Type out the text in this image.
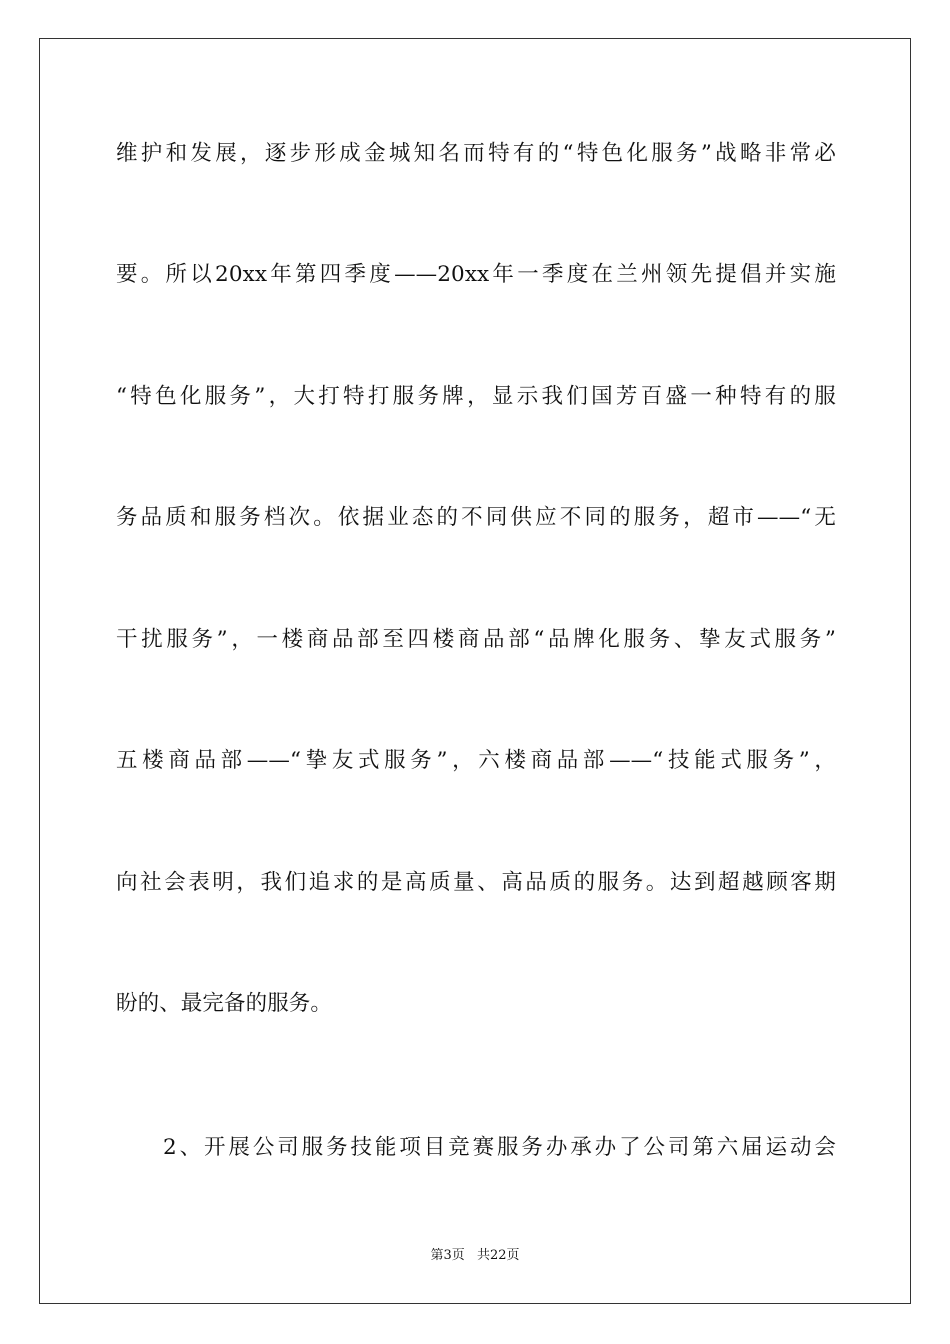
维护和发展，逐步形成金城知名而特有的“特色化服务”战略非常必
要。所以20xx年第四季度——20xx年一季度在兰州领先提倡并实施
“特色化服务”，大打特打服务牌，显示我们国芳百盛一种特有的服
务品质和服务档次。依据业态的不同供应不同的服务，超市——“无
干扰服务”，一楼商品部至四楼商品部“品牌化服务、挚友式服务”
五楼商品部——“挚友式服务”，六楼商品部——“技能式服务”，
向社会表明，我们追求的是高质量、高品质的服务。达到超越顾客期
盼的、最完备的服务。
2、开展公司服务技能项目竞赛服务办承办了公司第六届运动会
第3页 共22页
